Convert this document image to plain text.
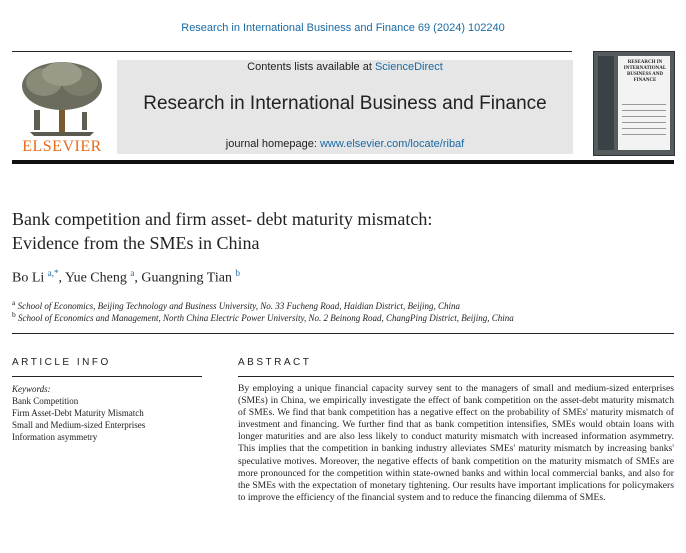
Research in International Business and Finance 69 (2024) 102240
ELSEVIER
Contents lists available at ScienceDirect
Research in International Business and Finance
journal homepage: www.elsevier.com/locate/ribaf
RESEARCH IN INTERNATIONAL BUSINESS AND FINANCE
Bank competition and firm asset- debt maturity mismatch:
Evidence from the SMEs in China
Bo Li $^{a,*}$, Yue Cheng $^a$, Guangning Tian $^b$
$^a$ School of Economics, Beijing Technology and Business University, No. 33 Fucheng Road, Haidian District, Beijing, China
$^b$ School of Economics and Management, North China Electric Power University, No. 2 Beinong Road, ChangPing District, Beijing, China
ARTICLE INFO	ABSTRACT
Keywords:
Bank Competition
Firm Asset-Debt Maturity Mismatch
Small and Medium-sized Enterprises
Information asymmetry
By employing a unique financial capacity survey sent to the managers of small and medium-sized enterprises (SMEs) in China, we empirically investigate the effect of bank competition on the asset-debt maturity mismatch of SMEs. We find that bank competition has a negative effect on the probability of SMEs' maturity mismatch of investment and financing. We further find that as bank competition intensifies, SMEs would obtain loans with longer maturities and are also less likely to conduct maturity mismatch with increased information asymmetry. This implies that the competition in banking industry alleviates SMEs' maturity mismatch by increasing banks' speculative motives. Moreover, the negative effects of bank competition on the maturity mismatch of SMEs are more pronounced for the competition within state-owned banks and within local commercial banks, and also for the SMEs with the expectation of monetary tightening. Our results have important implications for policymakers to improve the efficiency of the financial system and to reduce the financing dilemma of SMEs.
